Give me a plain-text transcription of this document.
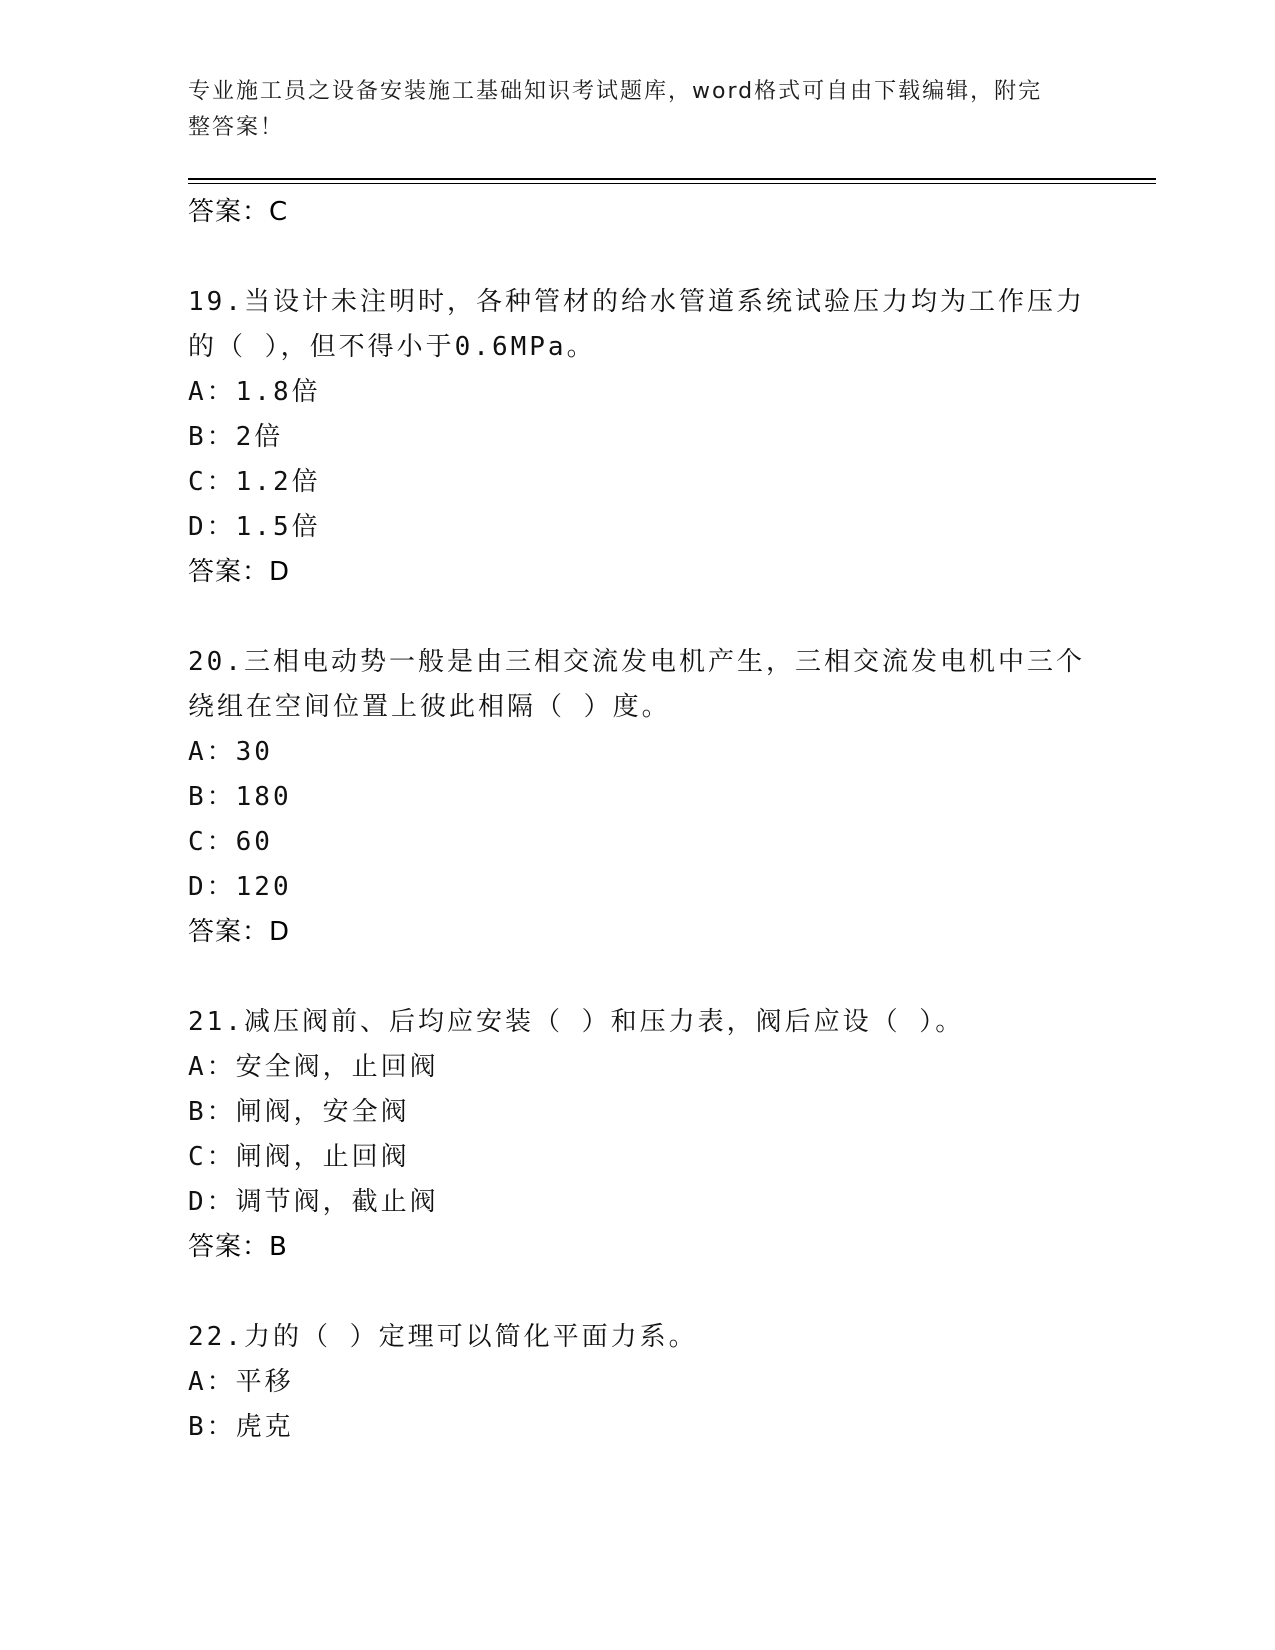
专业施工员之设备安装施工基础知识考试题库，word格式可自由下载编辑，附完
整答案！

答案：C

19.当设计未注明时，各种管材的给水管道系统试验压力均为工作压力
的（ ），但不得小于0.6MPa。

A：1.8倍

B：2倍

C：1.2倍

D：1.5倍

答案：D

20.三相电动势一般是由三相交流发电机产生，三相交流发电机中三个
绕组在空间位置上彼此相隔（ ）度。

A：30

B：180

C：60

D：120

答案：D

21.减压阀前、后均应安装（ ）和压力表，阀后应设（ ）。

A：安全阀，止回阀

B：闸阀，安全阀

C：闸阀，止回阀

D：调节阀，截止阀

答案：B

22.力的（ ）定理可以简化平面力系。

A：平移

B：虎克
